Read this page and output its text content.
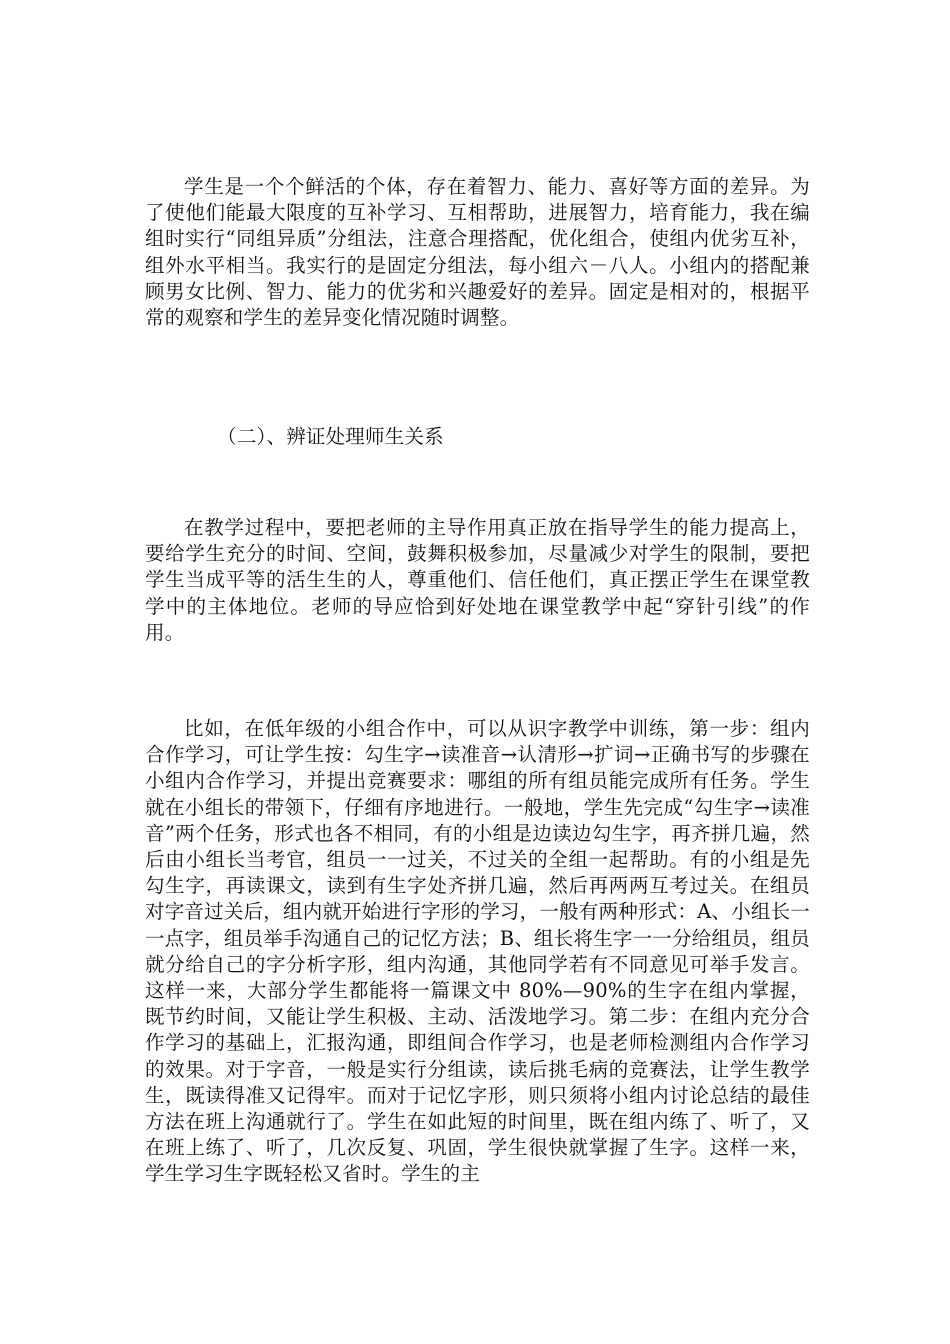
学生是一个个鲜活的个体，存在着智力、能力、喜好等方面的差异。为了使他们能最大限度的互补学习、互相帮助，进展智力，培育能力，我在编组时实行“同组异质”分组法，注意合理搭配，优化组合，使组内优劣互补，组外水平相当。我实行的是固定分组法，每小组六－八人。小组内的搭配兼顾男女比例、智力、能力的优劣和兴趣爱好的差异。固定是相对的，根据平常的观察和学生的差异变化情况随时调整。

（二）、辨证处理师生关系

在教学过程中，要把老师的主导作用真正放在指导学生的能力提高上，要给学生充分的时间、空间，鼓舞积极参加，尽量减少对学生的限制，要把学生当成平等的活生生的人，尊重他们、信任他们，真正摆正学生在课堂教学中的主体地位。老师的导应恰到好处地在课堂教学中起“穿针引线”的作用。

比如，在低年级的小组合作中，可以从识字教学中训练，第一步：组内合作学习，可让学生按：勾生字→读准音→认清形→扩词→正确书写的步骤在小组内合作学习，并提出竞赛要求：哪组的所有组员能完成所有任务。学生就在小组长的带领下，仔细有序地进行。一般地，学生先完成“勾生字→读准音”两个任务，形式也各不相同，有的小组是边读边勾生字，再齐拼几遍，然后由小组长当考官，组员一一过关，不过关的全组一起帮助。有的小组是先勾生字，再读课文，读到有生字处齐拼几遍，然后再两两互考过关。在组员对字音过关后，组内就开始进行字形的学习，一般有两种形式：A、小组长一一点字，组员举手沟通自己的记忆方法；B、组长将生字一一分给组员，组员就分给自己的字分析字形，组内沟通，其他同学若有不同意见可举手发言。这样一来，大部分学生都能将一篇课文中 80%—90%的生字在组内掌握，既节约时间，又能让学生积极、主动、活泼地学习。第二步：在组内充分合作学习的基础上，汇报沟通，即组间合作学习，也是老师检测组内合作学习的效果。对于字音，一般是实行分组读，读后挑毛病的竞赛法，让学生教学生，既读得准又记得牢。而对于记忆字形，则只须将小组内讨论总结的最佳方法在班上沟通就行了。学生在如此短的时间里，既在组内练了、听了，又在班上练了、听了，几次反复、巩固，学生很快就掌握了生字。这样一来，学生学习生字既轻松又省时。学生的主
